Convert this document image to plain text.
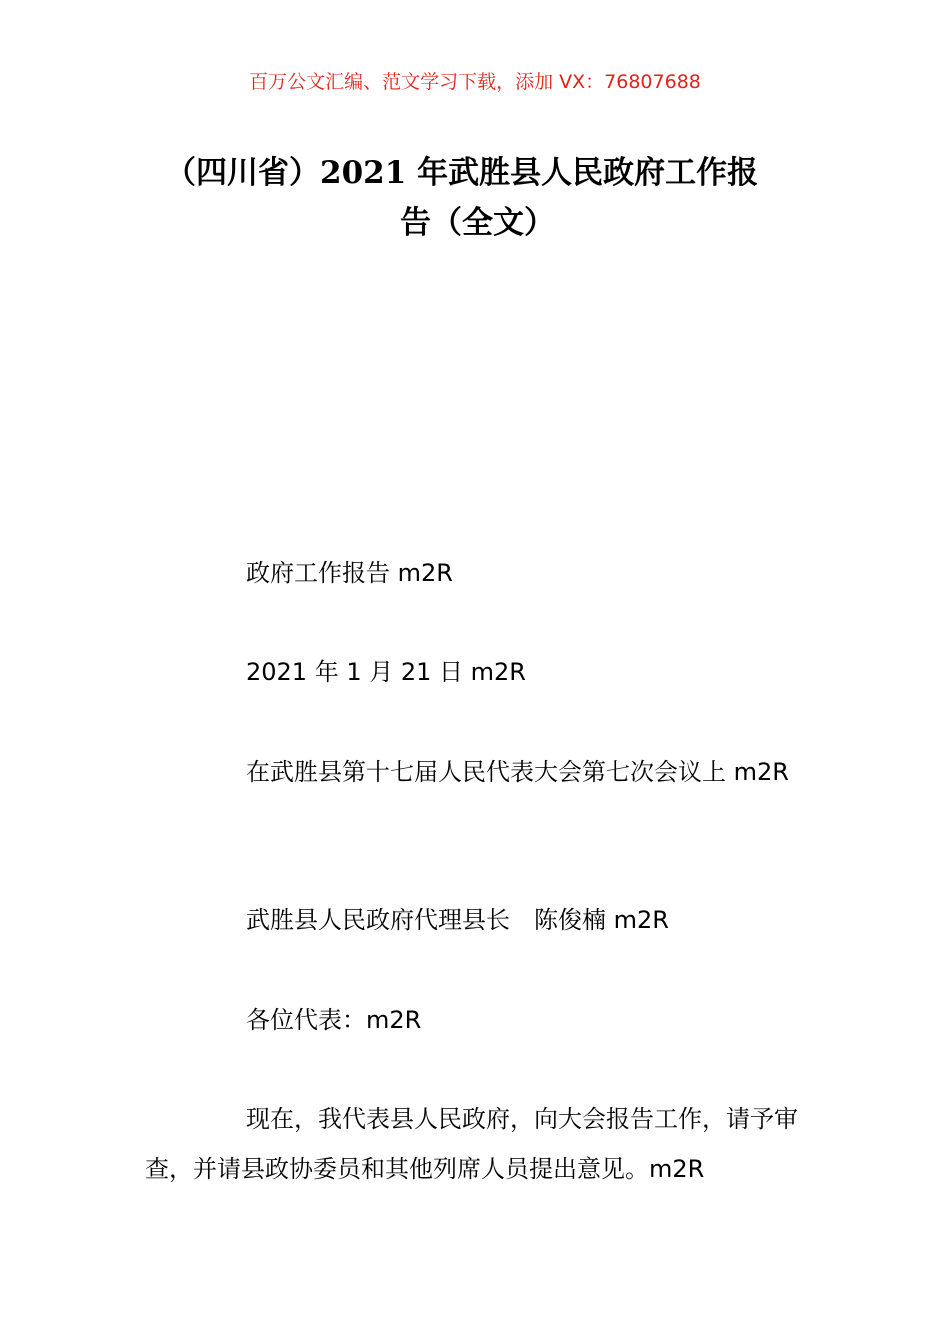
百万公文汇编、范文学习下载，添加 VX：76807688
（四川省）2021 年武胜县人民政府工作报
告（全文）

政府工作报告 m2R

2021 年 1 月 21 日 m2R

在武胜县第十七届人民代表大会第七次会议上 m2R

武胜县人民政府代理县长　陈俊楠 m2R

各位代表：m2R

现在，我代表县人民政府，向大会报告工作，请予审查，并请县政协委员和其他列席人员提出意见。m2R
